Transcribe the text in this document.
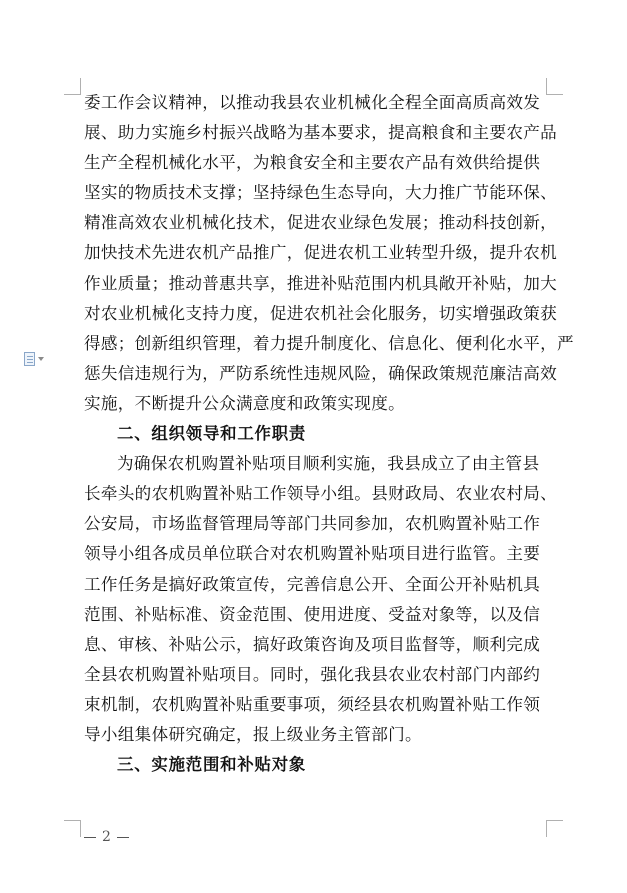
委工作会议精神，以推动我县农业机械化全程全面高质高效发
展、助力实施乡村振兴战略为基本要求，提高粮食和主要农产品
生产全程机械化水平，为粮食安全和主要农产品有效供给提供
坚实的物质技术支撑；坚持绿色生态导向，大力推广节能环保、
精准高效农业机械化技术，促进农业绿色发展；推动科技创新，
加快技术先进农机产品推广，促进农机工业转型升级，提升农机
作业质量；推动普惠共享，推进补贴范围内机具敞开补贴，加大
对农业机械化支持力度，促进农机社会化服务，切实增强政策获
得感；创新组织管理，着力提升制度化、信息化、便利化水平，严
惩失信违规行为，严防系统性违规风险，确保政策规范廉洁高效
实施，不断提升公众满意度和政策实现度。
二、组织领导和工作职责
为确保农机购置补贴项目顺利实施，我县成立了由主管县
长牵头的农机购置补贴工作领导小组。县财政局、农业农村局、
公安局，市场监督管理局等部门共同参加，农机购置补贴工作
领导小组各成员单位联合对农机购置补贴项目进行监管。主要
工作任务是搞好政策宣传，完善信息公开、全面公开补贴机具
范围、补贴标准、资金范围、使用进度、受益对象等，以及信
息、审核、补贴公示，搞好政策咨询及项目监督等，顺利完成
全县农机购置补贴项目。同时，强化我县农业农村部门内部约
束机制，农机购置补贴重要事项，须经县农机购置补贴工作领
导小组集体研究确定，报上级业务主管部门。
三、实施范围和补贴对象
2
